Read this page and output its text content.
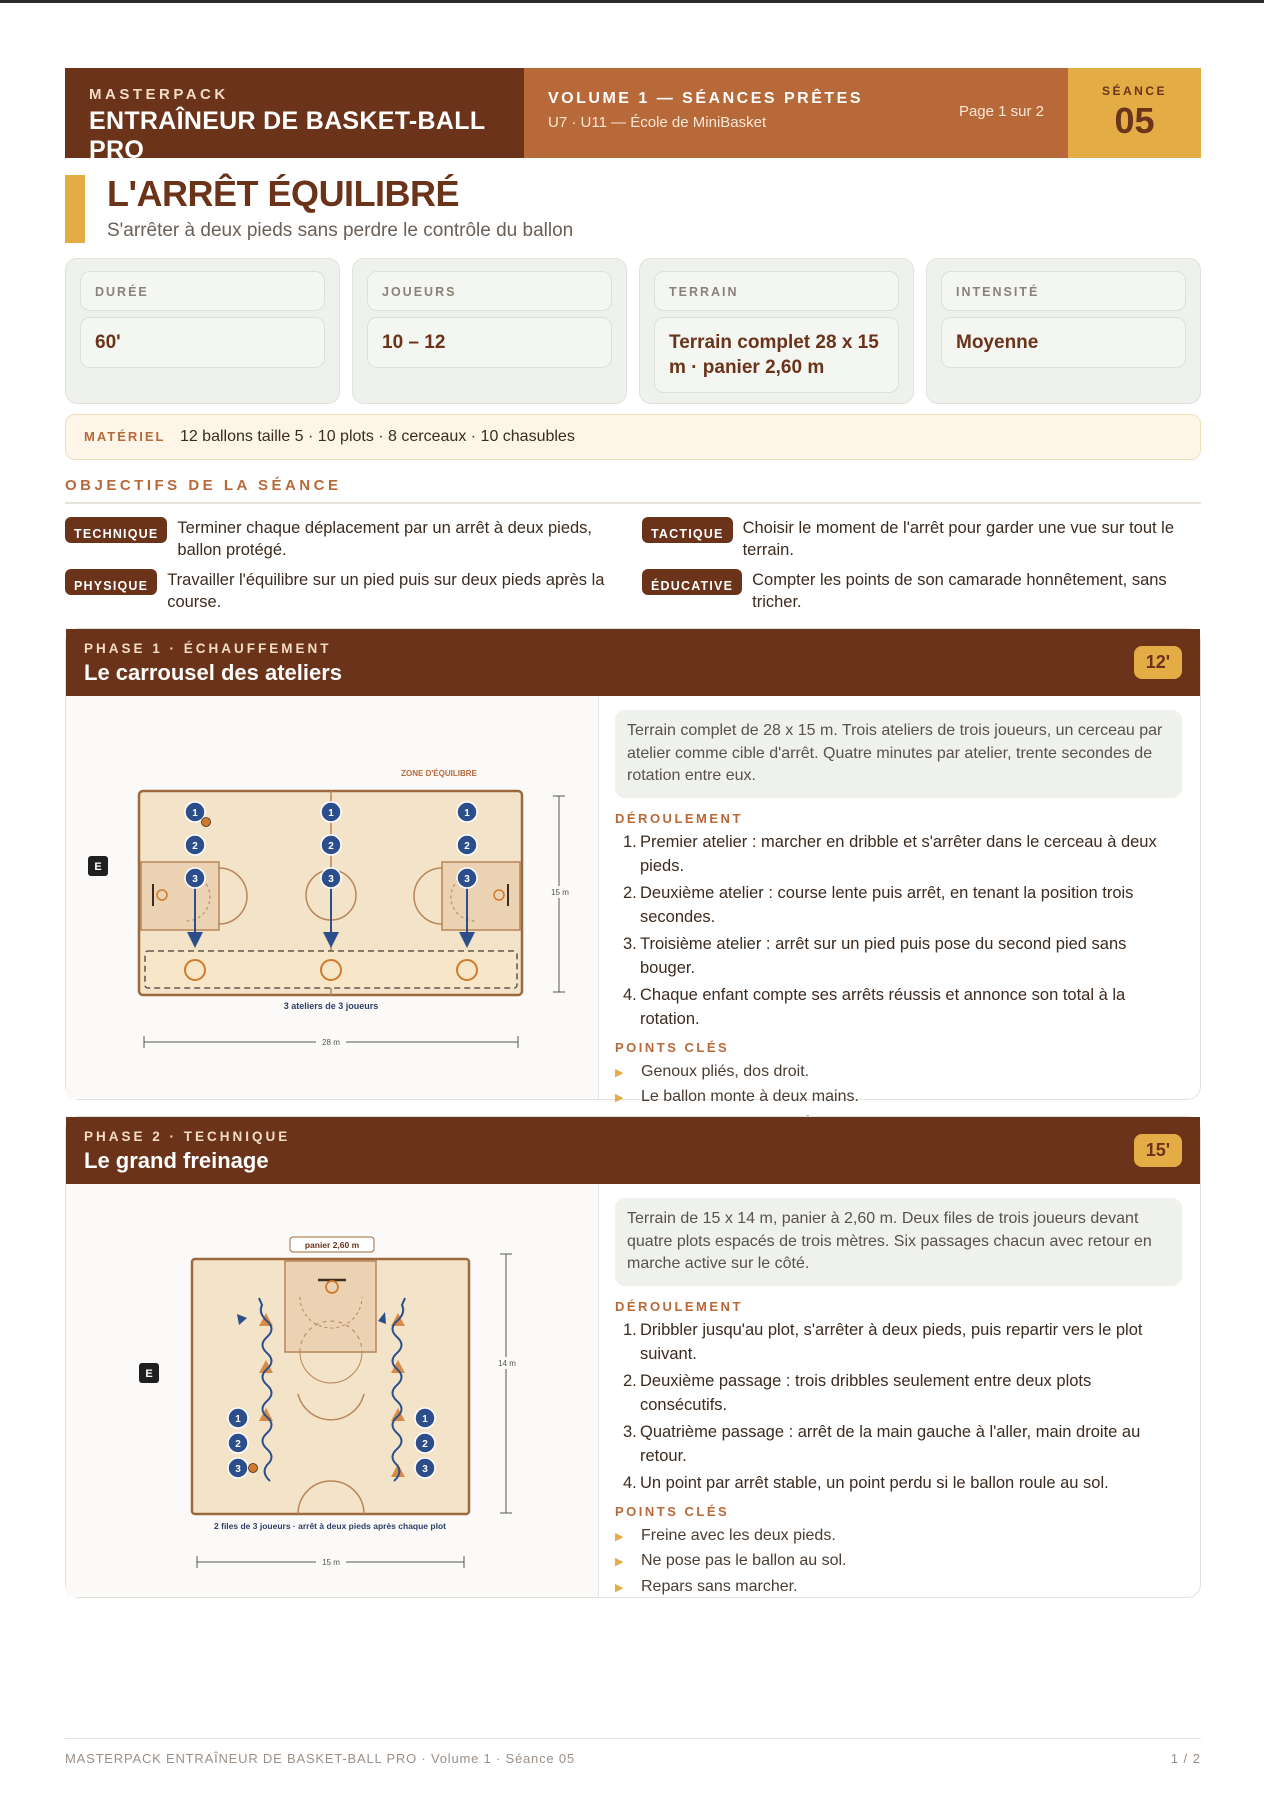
MASTERPACK
ENTRAÎNEUR DE BASKET-BALL PRO
VOLUME 1 — SÉANCES PRÊTES
U7 · U11 — École de MiniBasket
Page 1 sur 2
SÉANCE
05
L'ARRÊT ÉQUILIBRÉ
S'arrêter à deux pieds sans perdre le contrôle du ballon
DURÉE
60'
JOUEURS
10 – 12
TERRAIN
Terrain complet 28 x 15 m · panier 2,60 m
INTENSITÉ
Moyenne
MATÉRIEL 12 ballons taille 5 · 10 plots · 8 cerceaux · 10 chasubles
OBJECTIFS DE LA SÉANCE
TECHNIQUE	Terminer chaque déplacement par un arrêt à deux pieds, ballon protégé.
TACTIQUE	Choisir le moment de l'arrêt pour garder une vue sur tout le terrain.
PHYSIQUE	Travailler l'équilibre sur un pied puis sur deux pieds après la course.
ÉDUCATIVE	Compter les points de son camarade honnêtement, sans tricher.
PHASE 1 · ÉCHAUFFEMENT
Le carrousel des ateliers	12'
E
ZONE D'ÉQUILIBRE
1
2
3
1
2
3
1
2
3
3 ateliers de 3 joueurs
28 m
15 m
Terrain complet de 28 x 15 m. Trois ateliers de trois joueurs, un cerceau par atelier comme cible d'arrêt. Quatre minutes par atelier, trente secondes de rotation entre eux.
DÉROULEMENT
1. Premier atelier : marcher en dribble et s'arrêter dans le cerceau à deux pieds.
2. Deuxième atelier : course lente puis arrêt, en tenant la position trois secondes.
3. Troisième atelier : arrêt sur un pied puis pose du second pied sans bouger.
4. Chaque enfant compte ses arrêts réussis et annonce son total à la rotation.
POINTS CLÉS
▶	Genoux pliés, dos droit.
▶	Le ballon monte à deux mains.
PHASE 2 · TECHNIQUE
Le grand freinage	15'
E
panier 2,60 m
1
2
3
1
2
3
2 files de 3 joueurs · arrêt à deux pieds après chaque plot
15 m
14 m
Terrain de 15 x 14 m, panier à 2,60 m. Deux files de trois joueurs devant quatre plots espacés de trois mètres. Six passages chacun avec retour en marche active sur le côté.
DÉROULEMENT
1. Dribbler jusqu'au plot, s'arrêter à deux pieds, puis repartir vers le plot suivant.
2. Deuxième passage : trois dribbles seulement entre deux plots consécutifs.
3. Quatrième passage : arrêt de la main gauche à l'aller, main droite au retour.
4. Un point par arrêt stable, un point perdu si le ballon roule au sol.
POINTS CLÉS
▶	Freine avec les deux pieds.
▶	Ne pose pas le ballon au sol.
▶	Repars sans marcher.
MASTERPACK ENTRAÎNEUR DE BASKET-BALL PRO · Volume 1 · Séance 05	1 / 2
